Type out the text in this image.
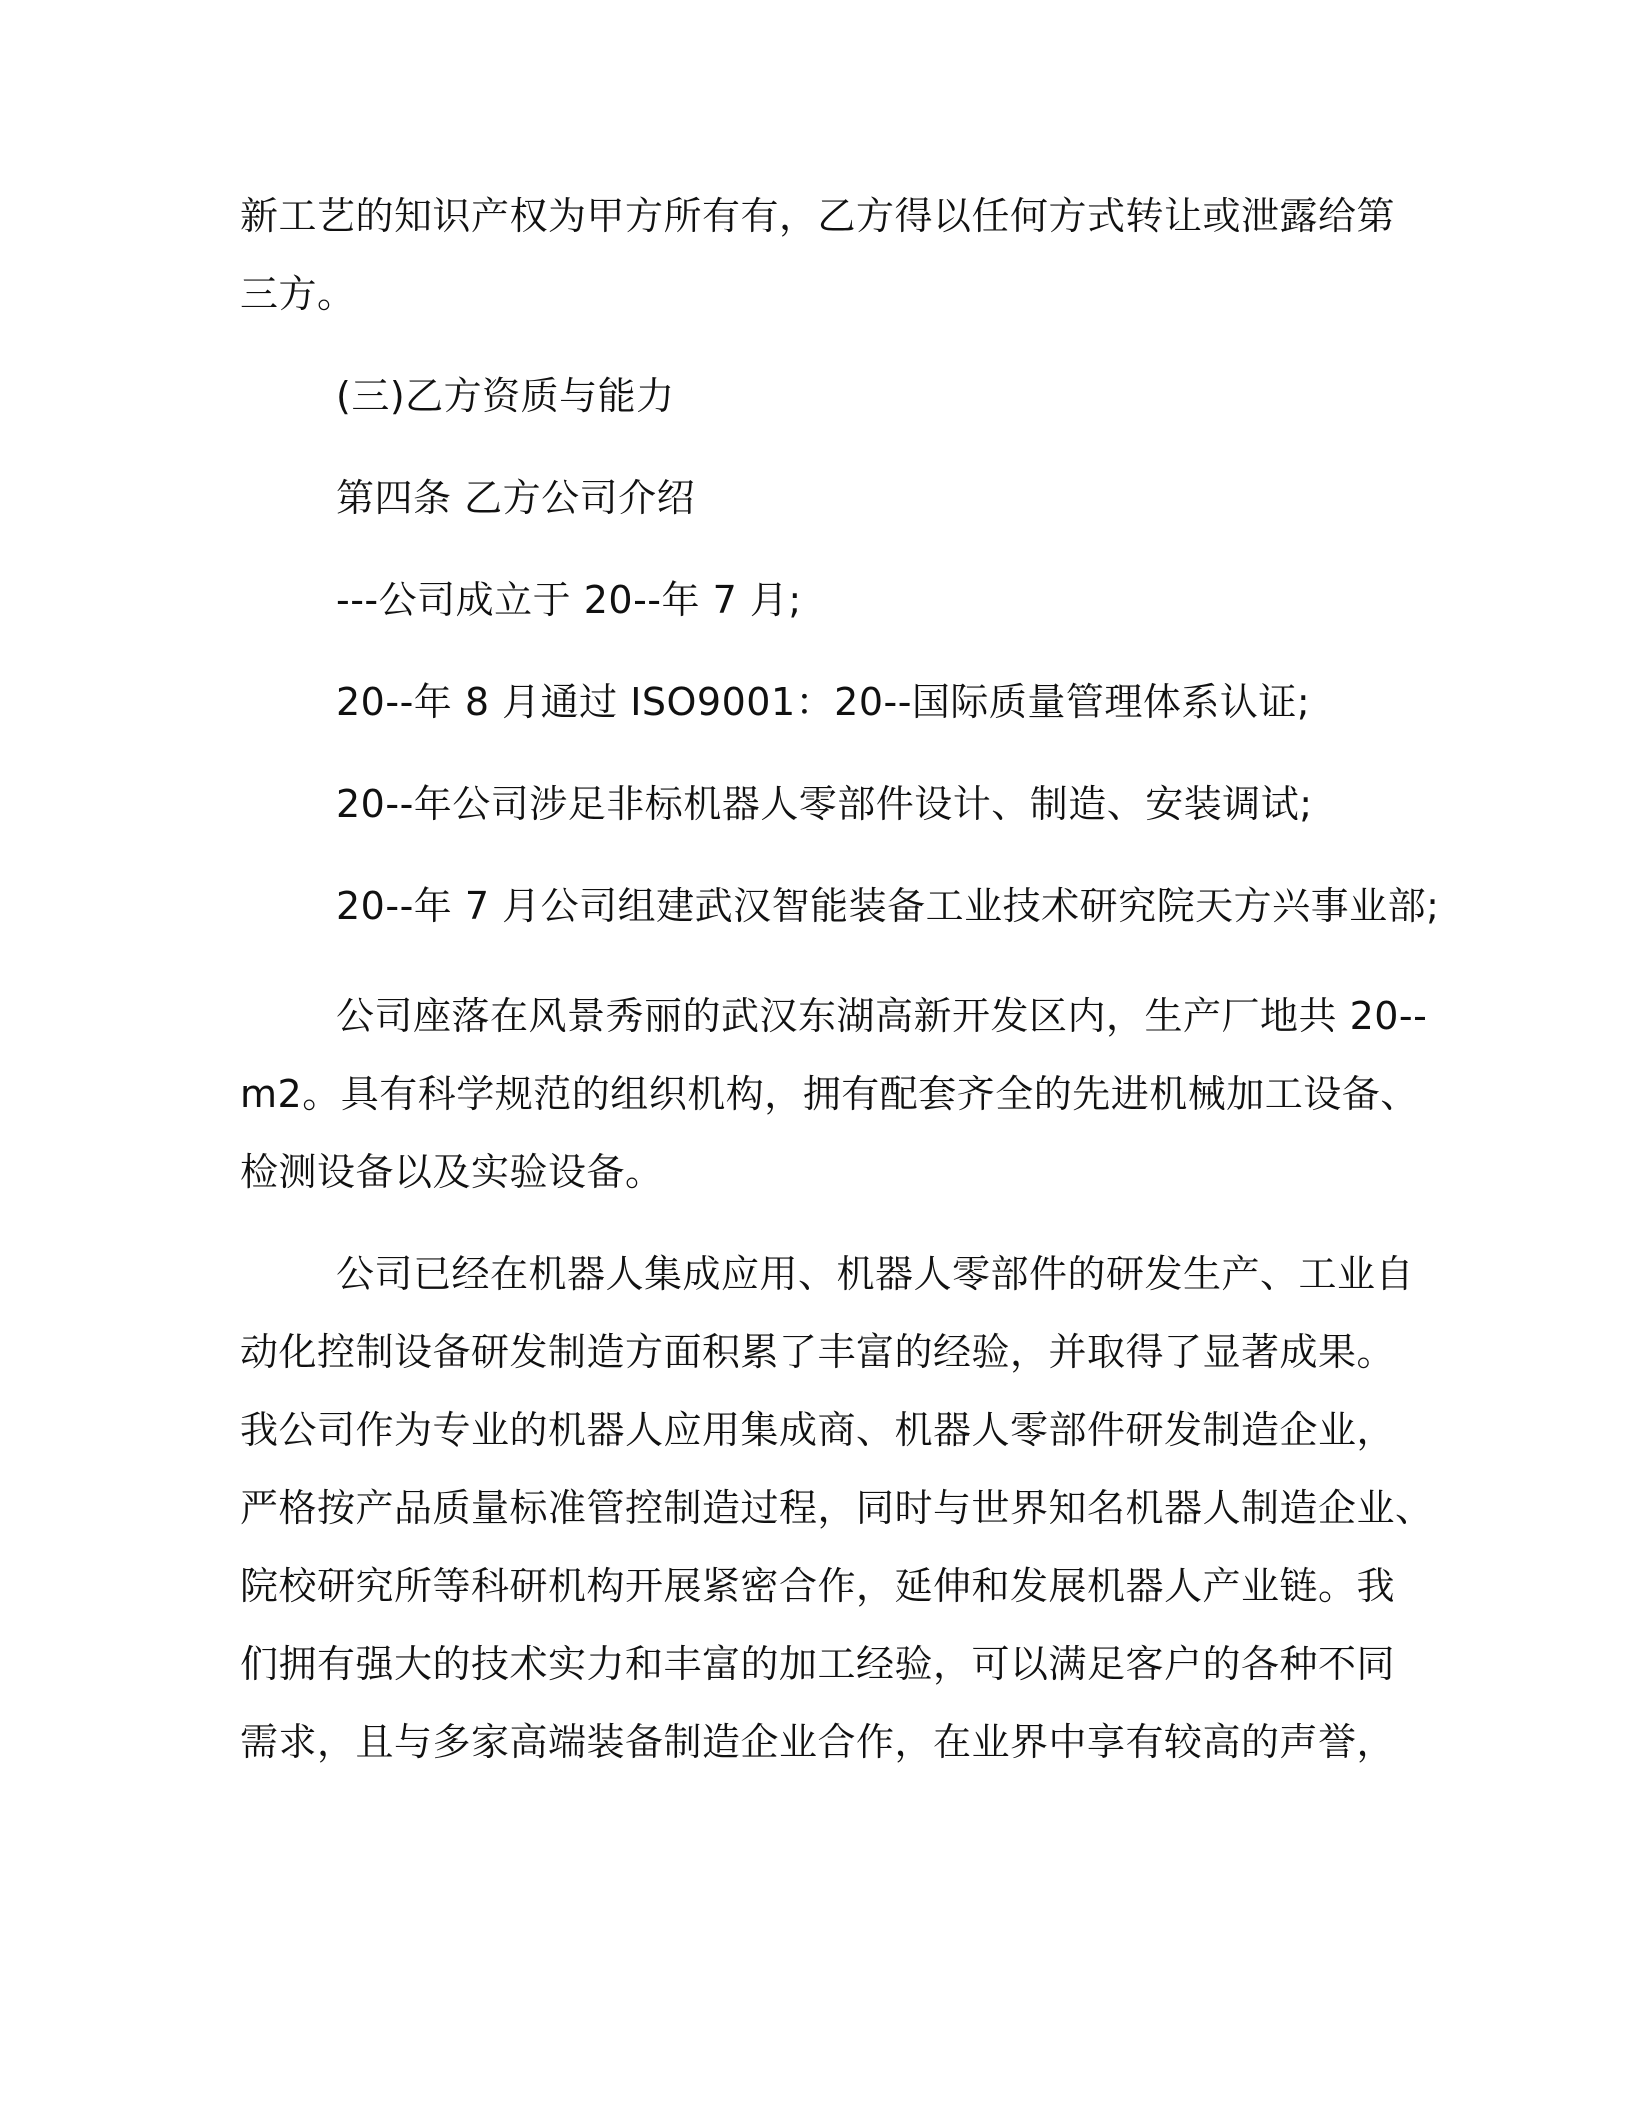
新工艺的知识产权为甲方所有有，乙方得以任何方式转让或泄露给第
三方。
(三)乙方资质与能力
第四条 乙方公司介绍
---公司成立于 20--年 7 月;
20--年 8 月通过 ISO9001：20--国际质量管理体系认证;
20--年公司涉足非标机器人零部件设计、制造、安装调试;
20--年 7 月公司组建武汉智能装备工业技术研究院天方兴事业部;
公司座落在风景秀丽的武汉东湖高新开发区内，生产厂地共 20--
m2。具有科学规范的组织机构，拥有配套齐全的先进机械加工设备、
检测设备以及实验设备。
公司已经在机器人集成应用、机器人零部件的研发生产、工业自
动化控制设备研发制造方面积累了丰富的经验，并取得了显著成果。
我公司作为专业的机器人应用集成商、机器人零部件研发制造企业，
严格按产品质量标准管控制造过程，同时与世界知名机器人制造企业、
院校研究所等科研机构开展紧密合作，延伸和发展机器人产业链。我
们拥有强大的技术实力和丰富的加工经验，可以满足客户的各种不同
需求，且与多家高端装备制造企业合作，在业界中享有较高的声誉，
